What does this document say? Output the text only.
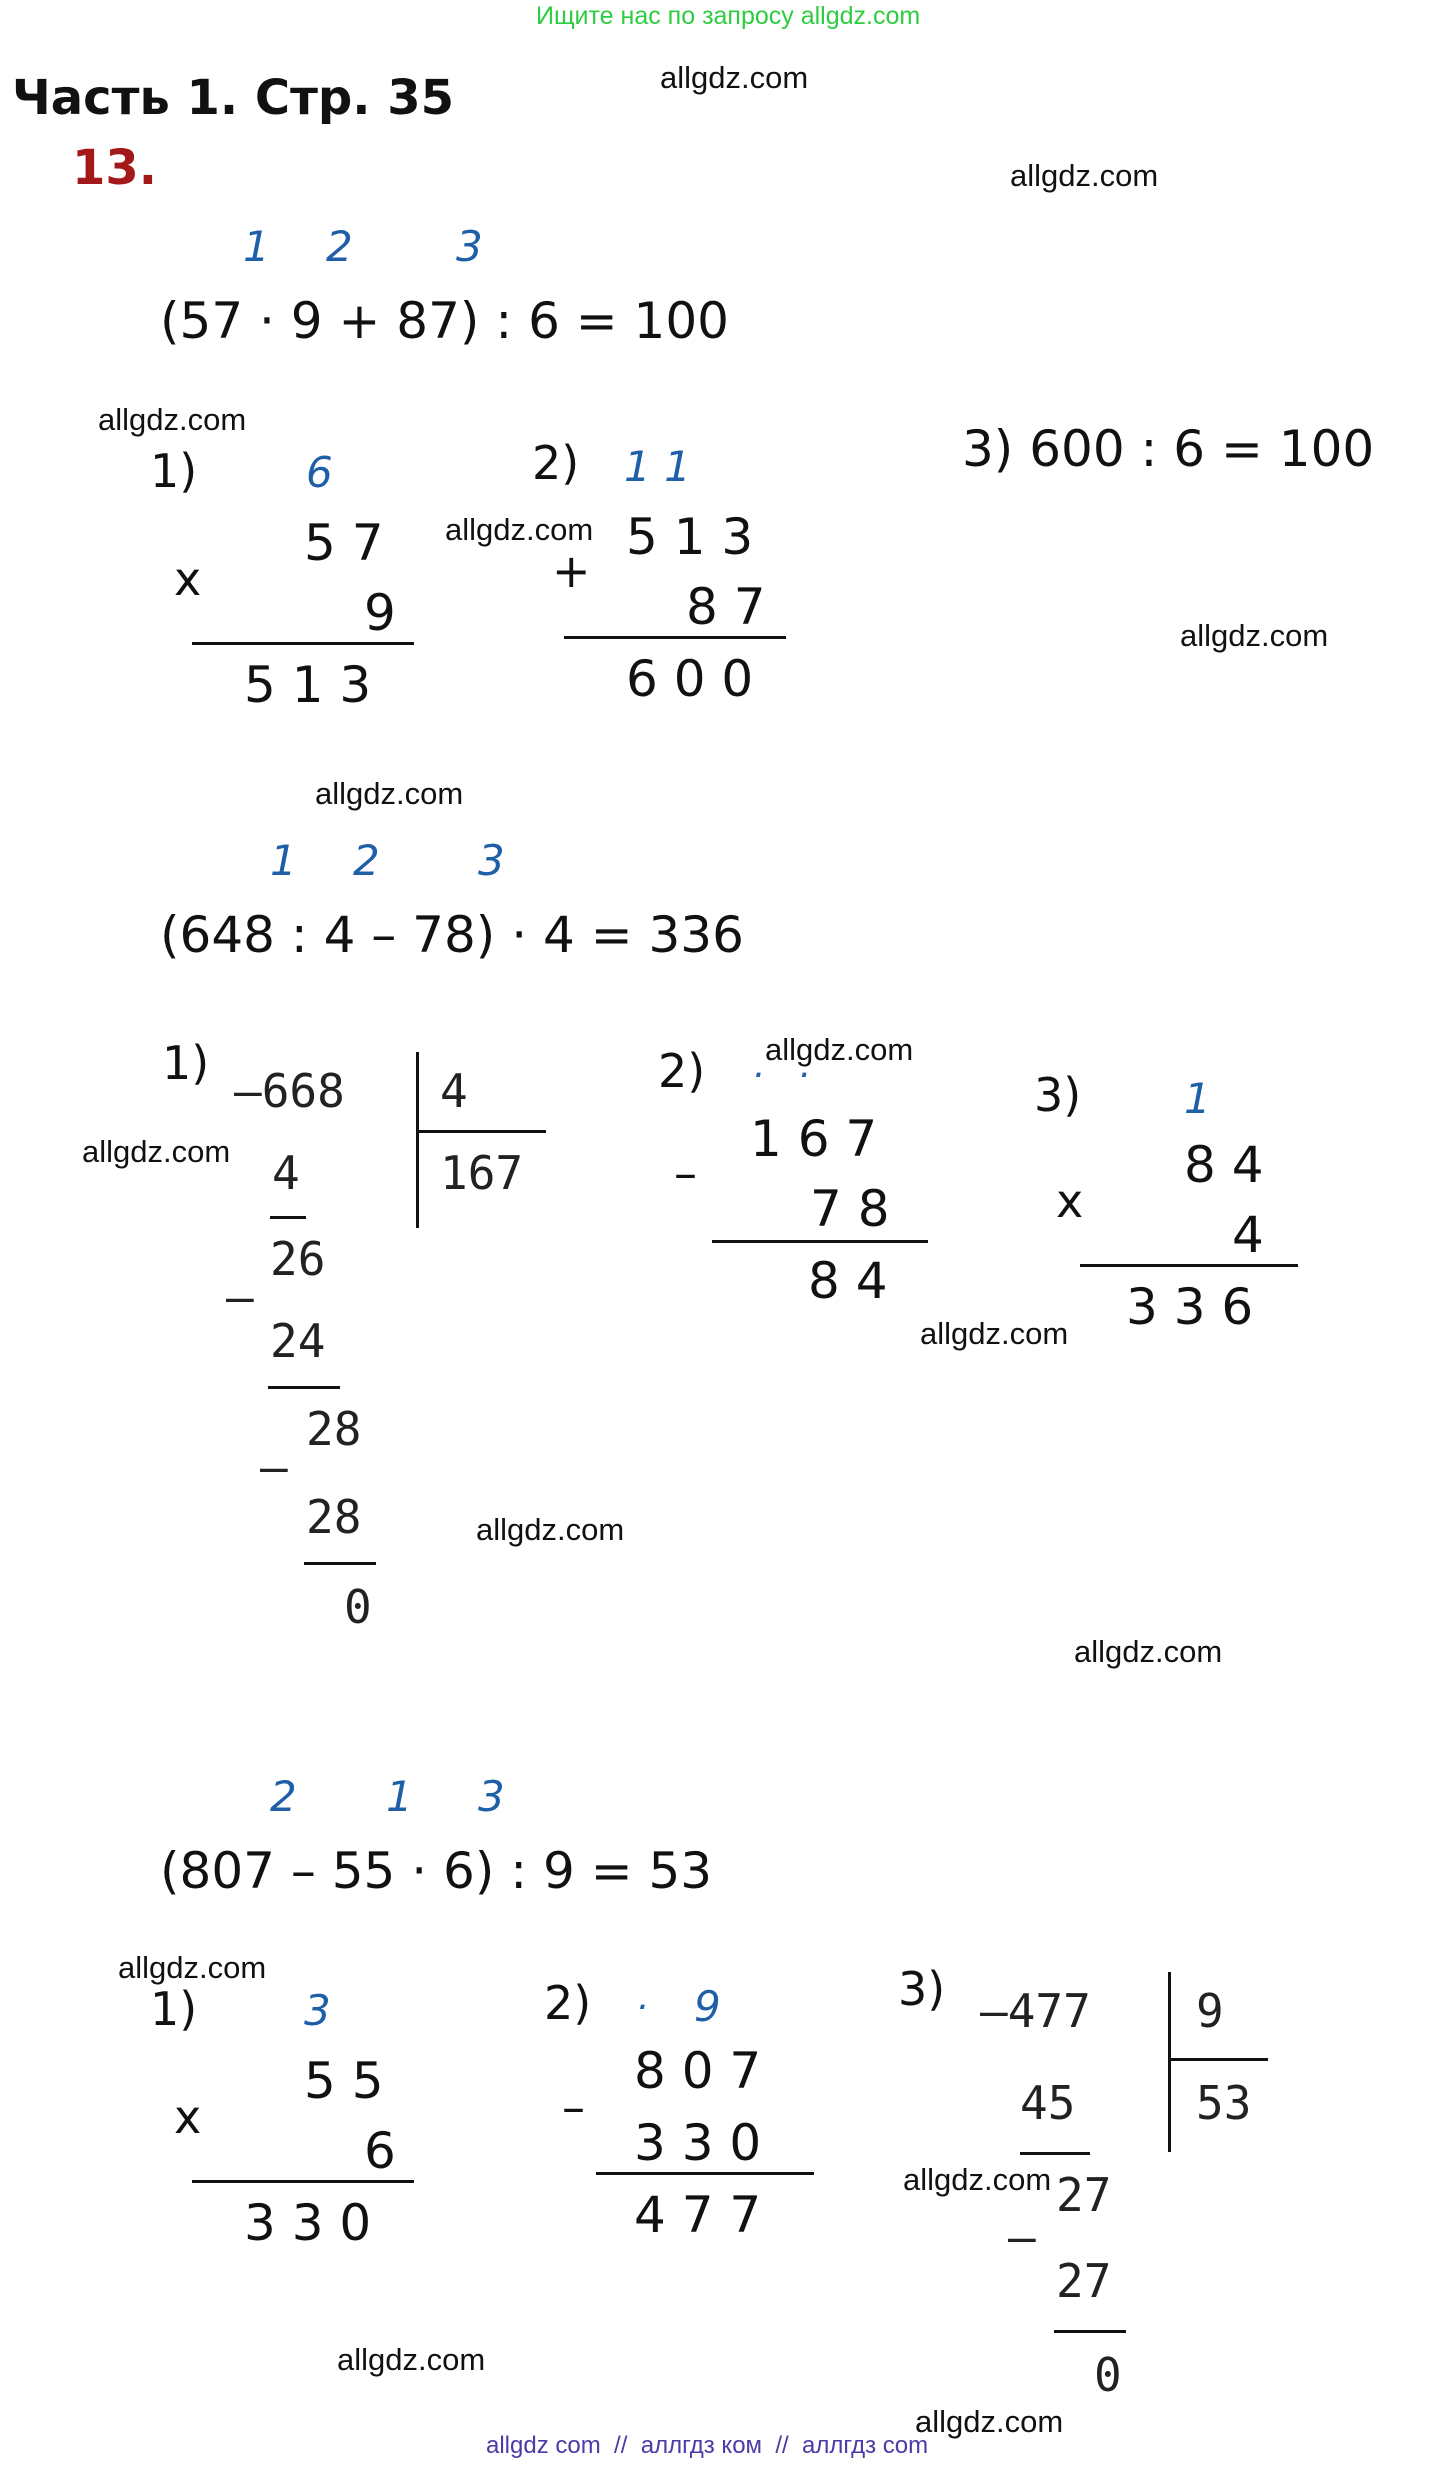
Ищите нас по запросу allgdz.com
Часть 1. Стр. 35
13.
allgdz.com
allgdz.com
allgdz.com
allgdz.com
allgdz.com
allgdz.com
allgdz.com
allgdz.com
allgdz.com
allgdz.com
allgdz.com
allgdz.com
allgdz.com
allgdz.com
allgdz.com
1 2 3
(57 · 9 + 87) : 6 = 100
1)	6
5 7
x
9
5 1 3
2) 1 1
5 1 3
+
8 7
6 0 0
3) 600 : 6 = 100
1 2 3
(648 : 4 – 78) · 4 = 336
1)
–668 4
167
4
26
–
24
28
–
28
0
2) ·   ·
1 6 7
–
7 8
8 4
3) 1
8 4
x
4
3 3 6
2 1 3
(807 – 55 · 6) : 9 = 53
1)	3
5 5
x
6
3 3 0
2) · 9
8 0 7
–
3 3 0
4 7 7
3) –477 9
53
45
27
–
27
0
allgdz com  //  аллгдз ком  //  аллгдз com
